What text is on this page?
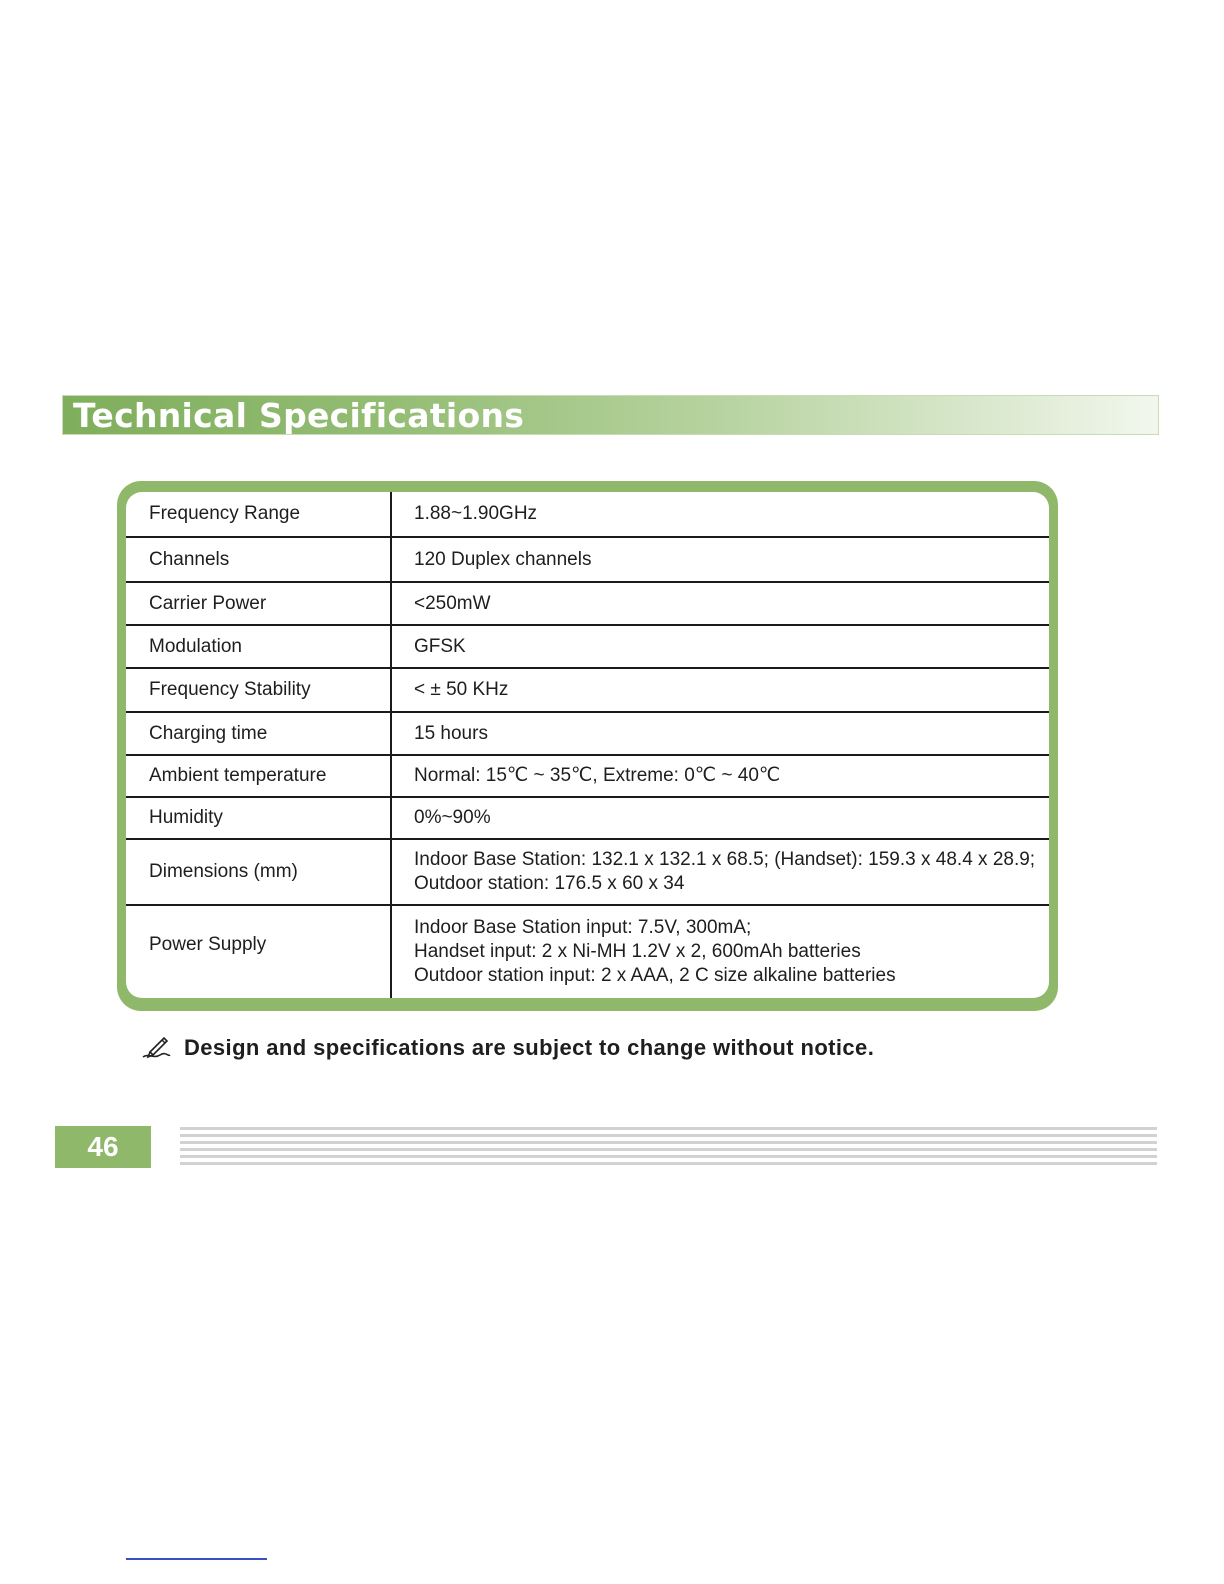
Technical Specifications
Frequency Range	1.88~1.90GHz

Channels	120 Duplex channels

Carrier Power	<250mW

Modulation	GFSK

Frequency Stability	< ± 50 KHz

Charging time	15 hours

Ambient temperature	Normal: 15℃ ~ 35℃, Extreme: 0℃ ~ 40℃

Humidity	0%~90%

Dimensions (mm)	Indoor Base Station: 132.1 x 132.1 x 68.5; (Handset): 159.3 x 48.4 x 28.9;
Outdoor station: 176.5 x 60 x 34

Power Supply	Indoor Base Station input: 7.5V, 300mA;
Handset input: 2 x Ni-MH 1.2V x 2, 600mAh batteries
Outdoor station input: 2 x AAA, 2 C size alkaline batteries
Design and specifications are subject to change without notice.
46
